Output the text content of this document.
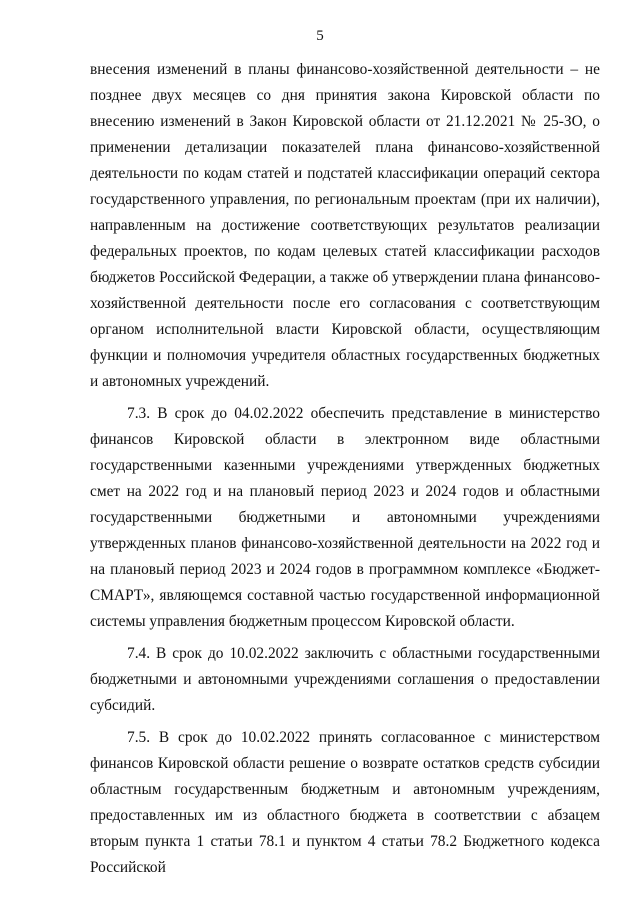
5

внесения изменений в планы финансово-хозяйственной деятельности – не позднее двух месяцев со дня принятия закона Кировской области по внесению изменений в Закон Кировской области от 21.12.2021 № 25-ЗО, о применении детализации показателей плана финансово-хозяйственной деятельности по кодам статей и подстатей классификации операций сектора государственного управления, по региональным проектам (при их наличии), направленным на достижение соответствующих результатов реализации федеральных проектов, по кодам целевых статей классификации расходов бюджетов Российской Федерации, а также об утверждении плана финансово-хозяйственной деятельности после его согласования с соответствующим органом исполнительной власти Кировской области, осуществляющим функции и полномочия учредителя областных государственных бюджетных и автономных учреждений.

7.3. В срок до 04.02.2022 обеспечить представление в министерство финансов Кировской области в электронном виде областными государственными казенными учреждениями утвержденных бюджетных смет на 2022 год и на плановый период 2023 и 2024 годов и областными государственными бюджетными и автономными учреждениями утвержденных планов финансово-хозяйственной деятельности на 2022 год и на плановый период 2023 и 2024 годов в программном комплексе «Бюджет-СМАРТ», являющемся составной частью государственной информационной системы управления бюджетным процессом Кировской области.

7.4. В срок до 10.02.2022 заключить с областными государственными бюджетными и автономными учреждениями соглашения о предоставлении субсидий.

7.5. В срок до 10.02.2022 принять согласованное с министерством финансов Кировской области решение о возврате остатков средств субсидии областным государственным бюджетным и автономным учреждениям, предоставленных им из областного бюджета в соответствии с абзацем вторым пункта 1 статьи 78.1 и пунктом 4 статьи 78.2 Бюджетного кодекса Российской
